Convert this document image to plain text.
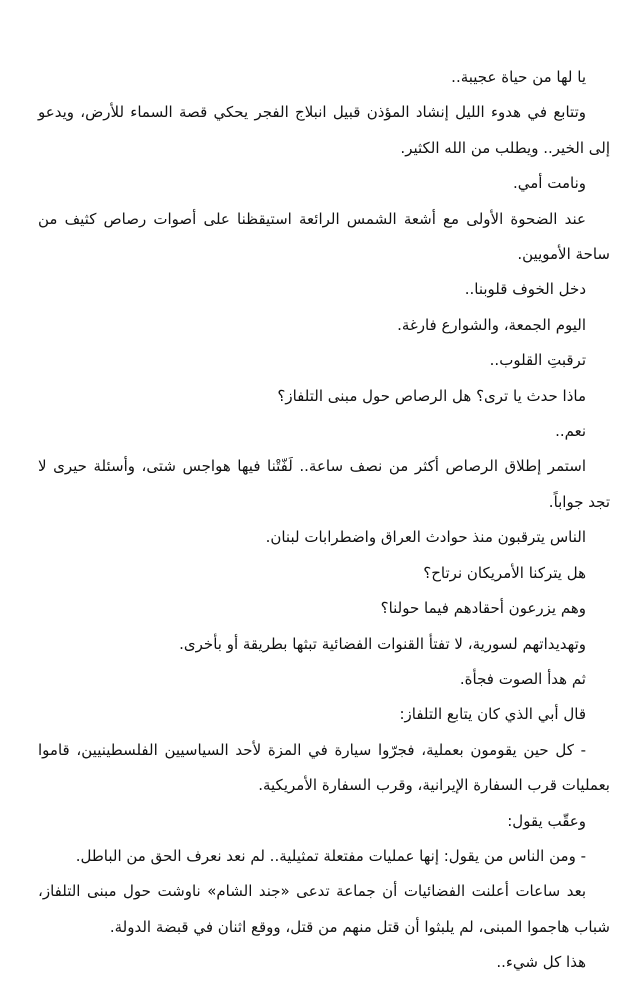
يا لها من حياة عجيبة..

وتتابع في هدوء الليل إنشاد المؤذن قبيل انبلاج الفجر يحكي قصة السماء للأرض، ويدعو إلى الخير.. ويطلب من الله الكثير.

ونامت أمي.

عند الضحوة الأولى مع أشعة الشمس الرائعة استيقظنا على أصوات رصاص كثيف من ساحة الأمويين.

دخل الخوف قلوبنا..

اليوم الجمعة، والشوارع فارغة.

ترقبتِ القلوب..

ماذا حدث يا ترى؟ هل الرصاص حول مبنى التلفاز؟

نعم..

استمر إطلاق الرصاص أكثر من نصف ساعة.. لَفّتْنا فيها هواجس شتى، وأسئلة حيرى لا تجد جواباً.

الناس يترقبون منذ حوادث العراق واضطرابات لبنان.

هل يتركنا الأمريكان نرتاح؟

وهم يزرعون أحقادهم فيما حولنا؟

وتهديداتهم لسورية، لا تفتأ القنوات الفضائية تبثها بطريقة أو بأخرى.

ثم هدأ الصوت فجأة.

قال أبي الذي كان يتابع التلفاز:

- كل حين يقومون بعملية، فجرّوا سيارة في المزة لأحد السياسيين الفلسطينيين، قاموا بعمليات قرب السفارة الإيرانية، وقرب السفارة الأمريكية.

وعقّب يقول:

- ومن الناس من يقول: إنها عمليات مفتعلة تمثيلية.. لم نعد نعرف الحق من الباطل.

بعد ساعات أعلنت الفضائيات أن جماعة تدعى «جند الشام» ناوشت حول مبنى التلفاز، شباب هاجموا المبنى، لم يلبثوا أن قتل منهم من قتل، ووقع اثنان في قبضة الدولة.

هذا كل شيء..
